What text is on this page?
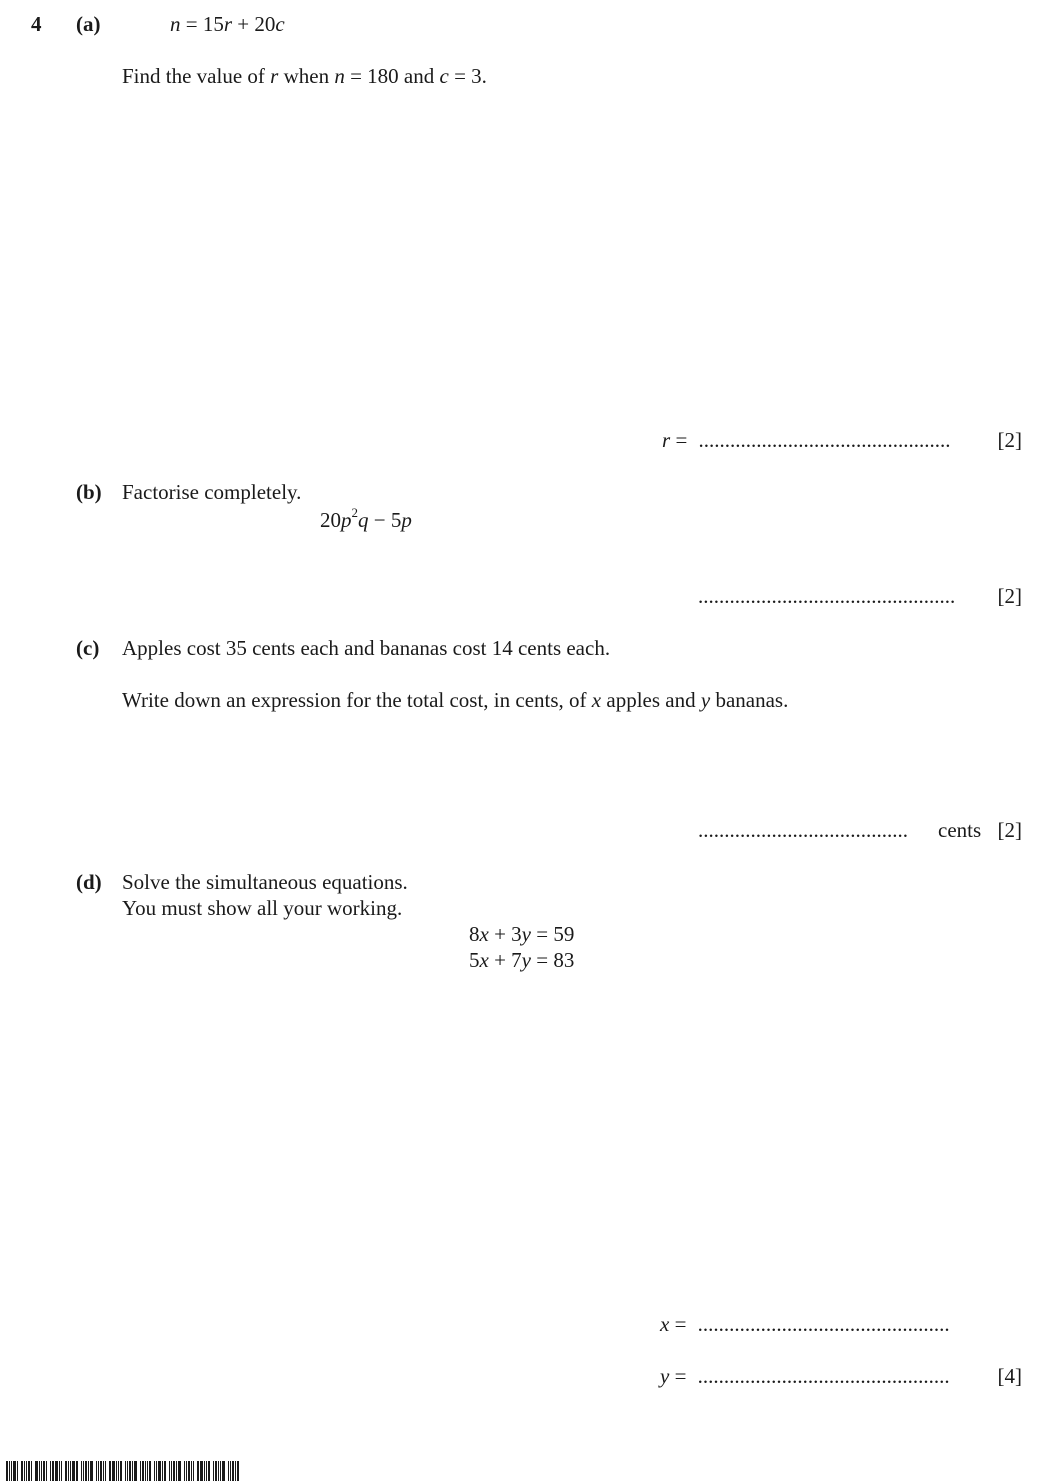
4 (a)	n = 15r + 20c
Find the value of r when n = 180 and c = 3.
r = ................................................ [2]
(b) Factorise completely.
$20p^2q - 5p$
................................................. [2]
(c) Apples cost 35 cents each and bananas cost 14 cents each.
Write down an expression for the total cost, in cents, of x apples and y bananas.
........................................ cents [2]
(d) Solve the simultaneous equations.
You must show all your working.
8x + 3y = 59
5x + 7y = 83
x = ................................................
y = ................................................ [4]
